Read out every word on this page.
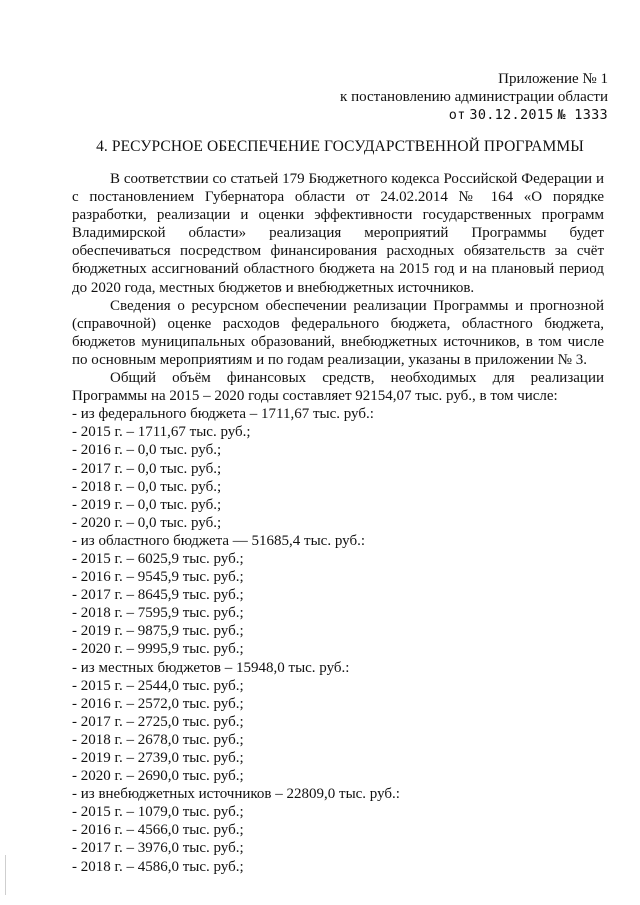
Приложение № 1
к постановлению администрации области
от 30.12.2015 № 1333
4. РЕСУРСНОЕ ОБЕСПЕЧЕНИЕ ГОСУДАРСТВЕННОЙ ПРОГРАММЫ

В соответствии со статьей 179 Бюджетного кодекса Российской Федерации и с постановлением Губернатора области от 24.02.2014 № 164 «О порядке разработки, реализации и оценки эффективности государственных программ Владимирской области» реализация мероприятий Программы будет обеспечиваться посредством финансирования расходных обязательств за счёт бюджетных ассигнований областного бюджета на 2015 год и на плановый период до 2020 года, местных бюджетов и внебюджетных источников.

Сведения о ресурсном обеспечении реализации Программы и прогнозной (справочной) оценке расходов федерального бюджета, областного бюджета, бюджетов муниципальных образований, внебюджетных источников, в том числе по основным мероприятиям и по годам реализации, указаны в приложении № 3.

Общий объём финансовых средств, необходимых для реализации Программы на 2015 – 2020 годы составляет 92154,07 тыс. руб., в том числе:

- из федерального бюджета – 1711,67 тыс. руб.:

- 2015 г. – 1711,67 тыс. руб.;

- 2016 г. – 0,0 тыс. руб.;

- 2017 г. – 0,0 тыс. руб.;

- 2018 г. – 0,0 тыс. руб.;

- 2019 г. – 0,0 тыс. руб.;

- 2020 г. – 0,0 тыс. руб.;

- из областного бюджета — 51685,4 тыс. руб.:

- 2015 г. – 6025,9 тыс. руб.;

- 2016 г. – 9545,9 тыс. руб.;

- 2017 г. – 8645,9 тыс. руб.;

- 2018 г. – 7595,9 тыс. руб.;

- 2019 г. – 9875,9 тыс. руб.;

- 2020 г. – 9995,9 тыс. руб.;

- из местных бюджетов – 15948,0 тыс. руб.:

- 2015 г. – 2544,0 тыс. руб.;

- 2016 г. – 2572,0 тыс. руб.;

- 2017 г. – 2725,0 тыс. руб.;

- 2018 г. – 2678,0 тыс. руб.;

- 2019 г. – 2739,0 тыс. руб.;

- 2020 г. – 2690,0 тыс. руб.;

- из внебюджетных источников – 22809,0 тыс. руб.:

- 2015 г. – 1079,0 тыс. руб.;

- 2016 г. – 4566,0 тыс. руб.;

- 2017 г. – 3976,0 тыс. руб.;

- 2018 г. – 4586,0 тыс. руб.;
